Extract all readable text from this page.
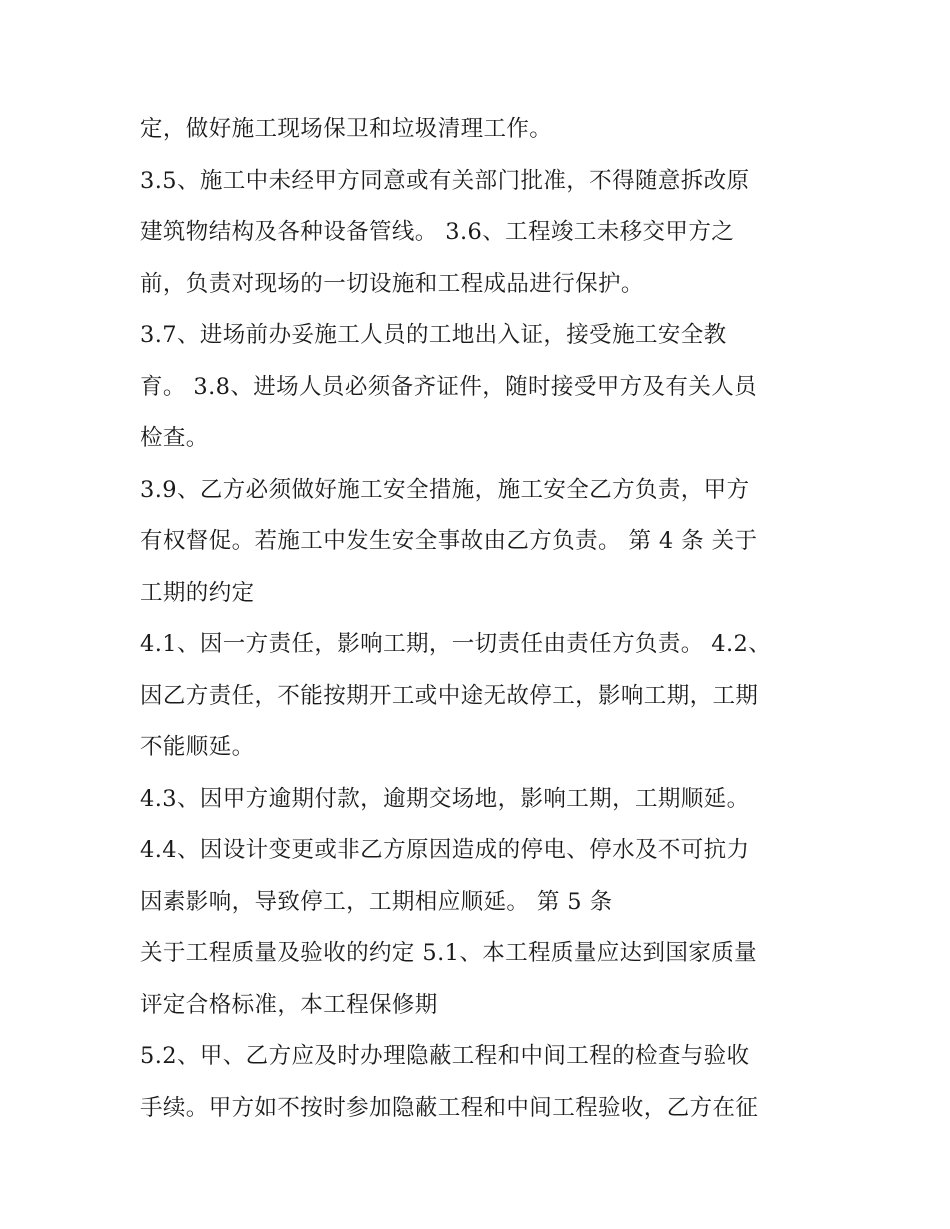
定，做好施工现场保卫和垃圾清理工作。
3.5、施工中未经甲方同意或有关部门批准，不得随意拆改原
建筑物结构及各种设备管线。 3.6、工程竣工未移交甲方之
前，负责对现场的一切设施和工程成品进行保护。
3.7、进场前办妥施工人员的工地出入证，接受施工安全教
育。 3.8、进场人员必须备齐证件，随时接受甲方及有关人员
检查。
3.9、乙方必须做好施工安全措施，施工安全乙方负责，甲方
有权督促。若施工中发生安全事故由乙方负责。 第 4 条 关于
工期的约定
4.1、因一方责任，影响工期，一切责任由责任方负责。 4.2、
因乙方责任，不能按期开工或中途无故停工，影响工期，工期
不能顺延。
4.3、因甲方逾期付款，逾期交场地，影响工期，工期顺延。
4.4、因设计变更或非乙方原因造成的停电、停水及不可抗力
因素影响，导致停工，工期相应顺延。 第 5 条
关于工程质量及验收的约定 5.1、本工程质量应达到国家质量
评定合格标准，本工程保修期
5.2、甲、乙方应及时办理隐蔽工程和中间工程的检查与验收
手续。甲方如不按时参加隐蔽工程和中间工程验收，乙方在征
